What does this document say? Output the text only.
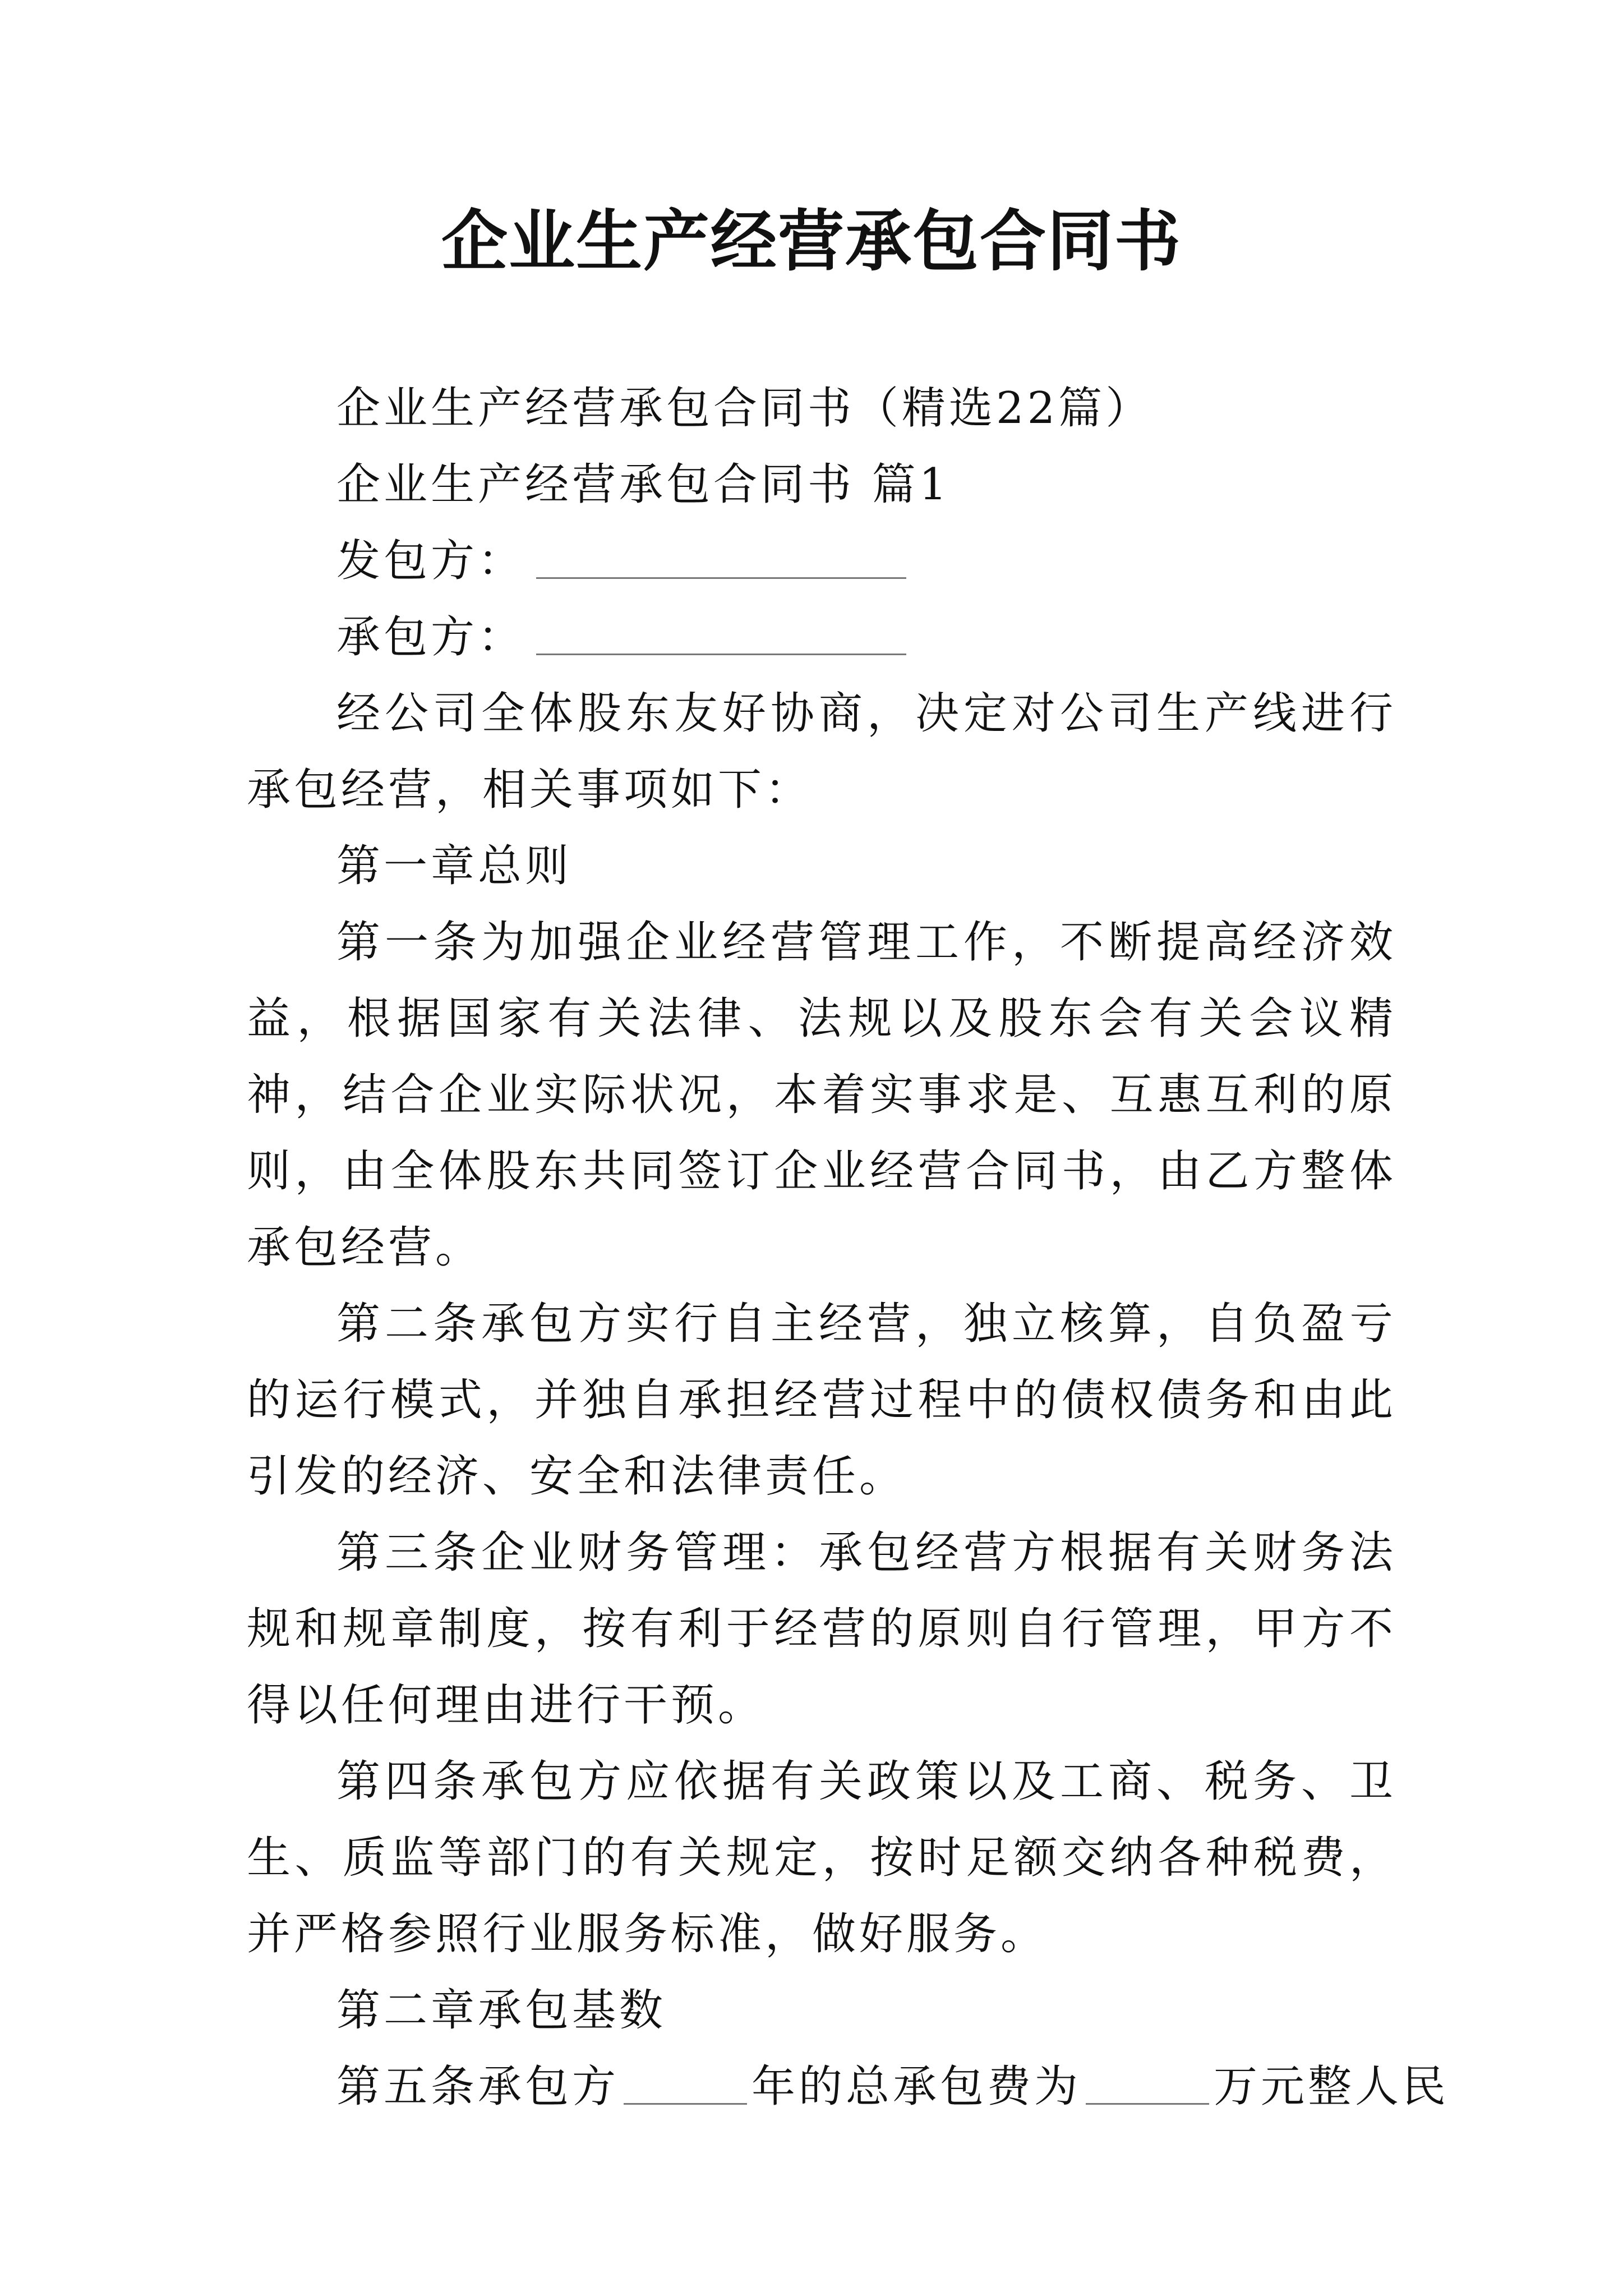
企业生产经营承包合同书

企业生产经营承包合同书（精选22篇）

企业生产经营承包合同书 篇1

发包方：

承包方：

经公司全体股东友好协商，决定对公司生产线进行承包经营，相关事项如下：

第一章总则

第一条为加强企业经营管理工作，不断提高经济效益，根据国家有关法律、法规以及股东会有关会议精神，结合企业实际状况，本着实事求是、互惠互利的原则，由全体股东共同签订企业经营合同书，由乙方整体承包经营。

第二条承包方实行自主经营，独立核算，自负盈亏的运行模式，并独自承担经营过程中的债权债务和由此引发的经济、安全和法律责任。

第三条企业财务管理：承包经营方根据有关财务法规和规章制度，按有利于经营的原则自行管理，甲方不得以任何理由进行干预。

第四条承包方应依据有关政策以及工商、税务、卫生、质监等部门的有关规定，按时足额交纳各种税费，并严格参照行业服务标准，做好服务。

第二章承包基数

第五条承包方	年的总承包费为	万元整人民
